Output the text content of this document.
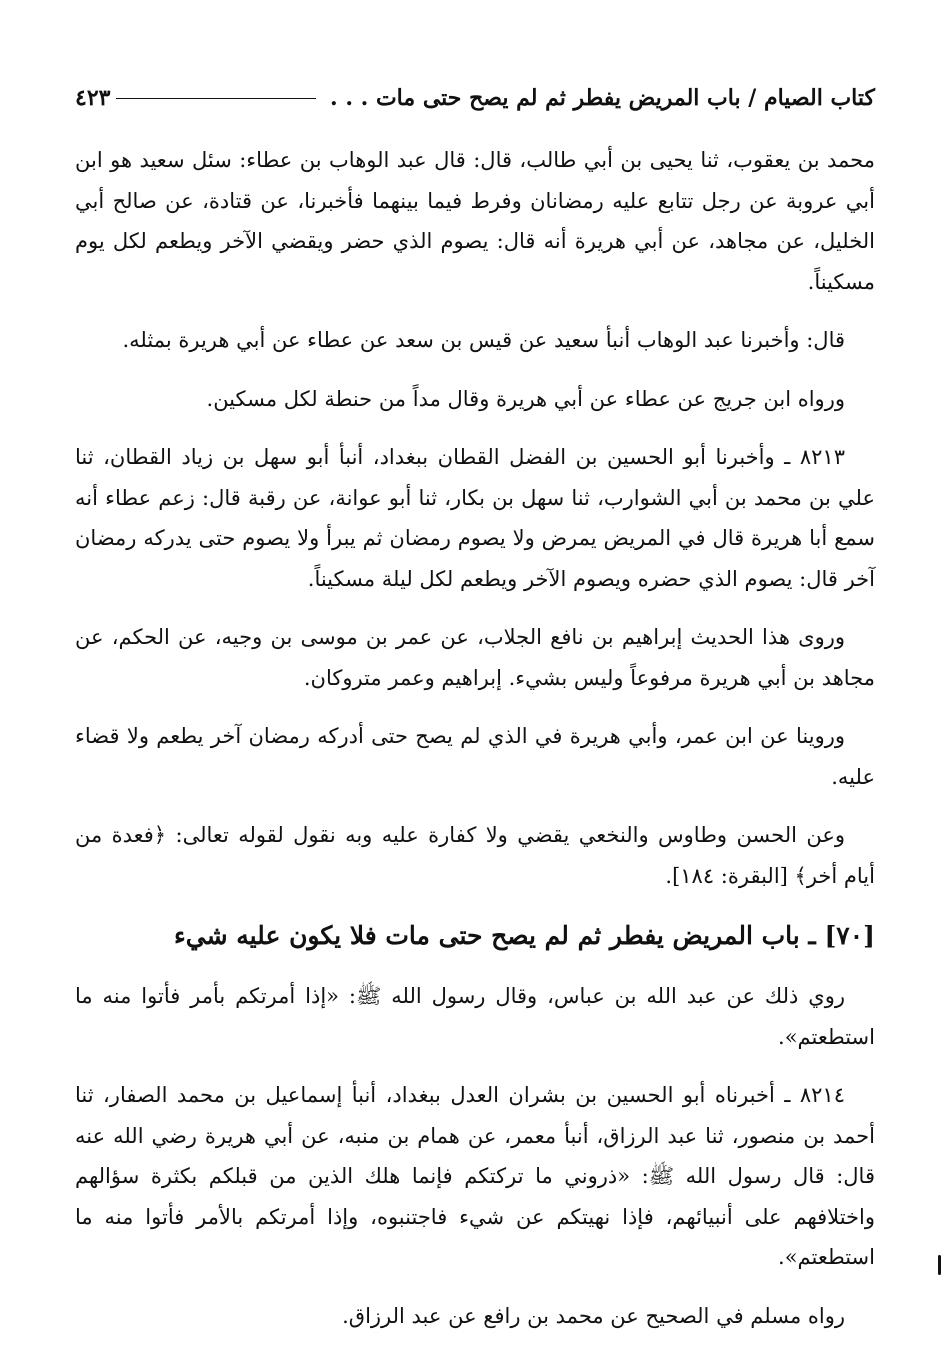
كتاب الصيام / باب المريض يفطر ثم لم يصح حتى مات . . .
٤٢٣

محمد بن يعقوب، ثنا يحيى بن أبي طالب، قال: قال عبد الوهاب بن عطاء: سئل سعيد هو ابن أبي عروبة عن رجل تتابع عليه رمضانان وفرط فيما بينهما فأخبرنا، عن قتادة، عن صالح أبي الخليل، عن مجاهد، عن أبي هريرة أنه قال: يصوم الذي حضر ويقضي الآخر ويطعم لكل يوم مسكيناً.

قال: وأخبرنا عبد الوهاب أنبأ سعيد عن قيس بن سعد عن عطاء عن أبي هريرة بمثله.

ورواه ابن جريج عن عطاء عن أبي هريرة وقال مداً من حنطة لكل مسكين.

٨٢١٣ ـ وأخبرنا أبو الحسين بن الفضل القطان ببغداد، أنبأ أبو سهل بن زياد القطان، ثنا علي بن محمد بن أبي الشوارب، ثنا سهل بن بكار، ثنا أبو عوانة، عن رقبة قال: زعم عطاء أنه سمع أبا هريرة قال في المريض يمرض ولا يصوم رمضان ثم يبرأ ولا يصوم حتى يدركه رمضان آخر قال: يصوم الذي حضره ويصوم الآخر ويطعم لكل ليلة مسكيناً.

وروى هذا الحديث إبراهيم بن نافع الجلاب، عن عمر بن موسى بن وجيه، عن الحكم، عن مجاهد بن أبي هريرة مرفوعاً وليس بشيء. إبراهيم وعمر متروكان.

وروينا عن ابن عمر، وأبي هريرة في الذي لم يصح حتى أدركه رمضان آخر يطعم ولا قضاء عليه.

وعن الحسن وطاوس والنخعي يقضي ولا كفارة عليه وبه نقول لقوله تعالى: ﴿فعدة من أيام أخر﴾ [البقرة: ١٨٤].

[٧٠] ـ باب المريض يفطر ثم لم يصح حتى مات فلا يكون عليه شيء

روي ذلك عن عبد الله بن عباس، وقال رسول الله ﷺ: «إذا أمرتكم بأمر فأتوا منه ما استطعتم».

٨٢١٤ ـ أخبرناه أبو الحسين بن بشران العدل ببغداد، أنبأ إسماعيل بن محمد الصفار، ثنا أحمد بن منصور، ثنا عبد الرزاق، أنبأ معمر، عن همام بن منبه، عن أبي هريرة رضي الله عنه قال: قال رسول الله ﷺ: «ذروني ما تركتكم فإنما هلك الذين من قبلكم بكثرة سؤالهم واختلافهم على أنبيائهم، فإذا نهيتكم عن شيء فاجتنبوه، وإذا أمرتكم بالأمر فأتوا منه ما استطعتم».

رواه مسلم في الصحيح عن محمد بن رافع عن عبد الرزاق.
